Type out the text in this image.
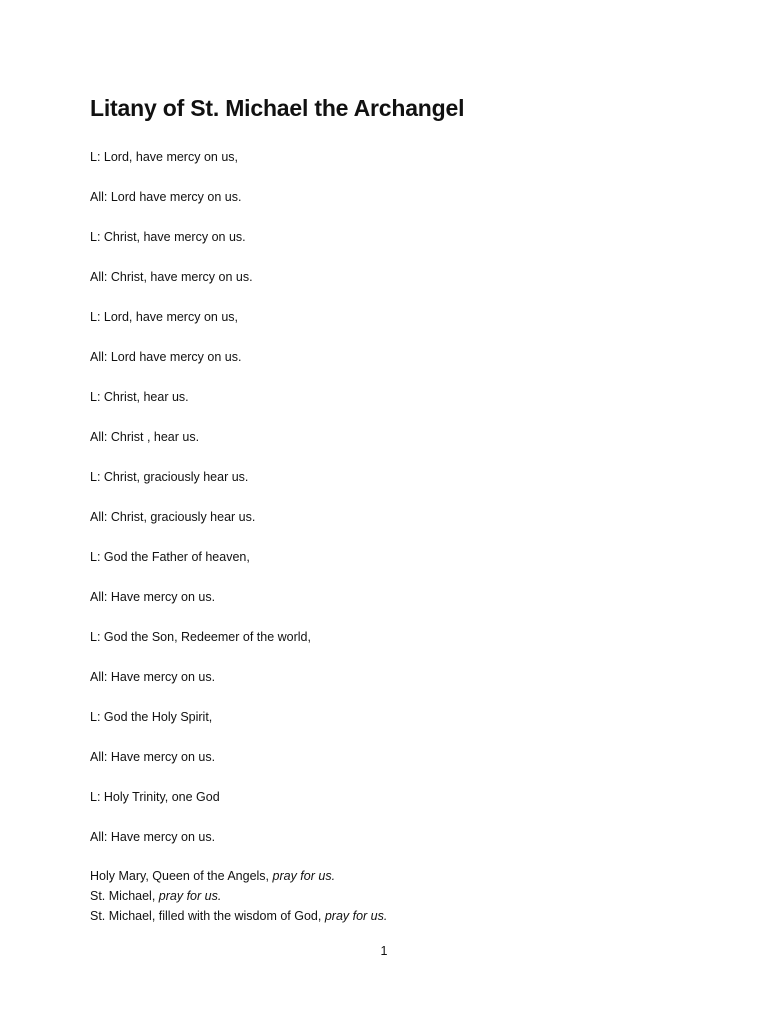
Litany of St. Michael the Archangel
L: Lord, have mercy on us,
All: Lord have mercy on us.
L: Christ, have mercy on us.
All: Christ, have mercy on us.
L: Lord, have mercy on us,
All: Lord have mercy on us.
L: Christ, hear us.
All: Christ , hear us.
L: Christ, graciously hear us.
All: Christ, graciously hear us.
L: God the Father of heaven,
All: Have mercy on us.
L: God the Son, Redeemer of the world,
All: Have mercy on us.
L: God the Holy Spirit,
All: Have mercy on us.
L: Holy Trinity, one God
All: Have mercy on us.
Holy Mary, Queen of the Angels, pray for us.
St. Michael, pray for us.
St. Michael, filled with the wisdom of God, pray for us.
1
